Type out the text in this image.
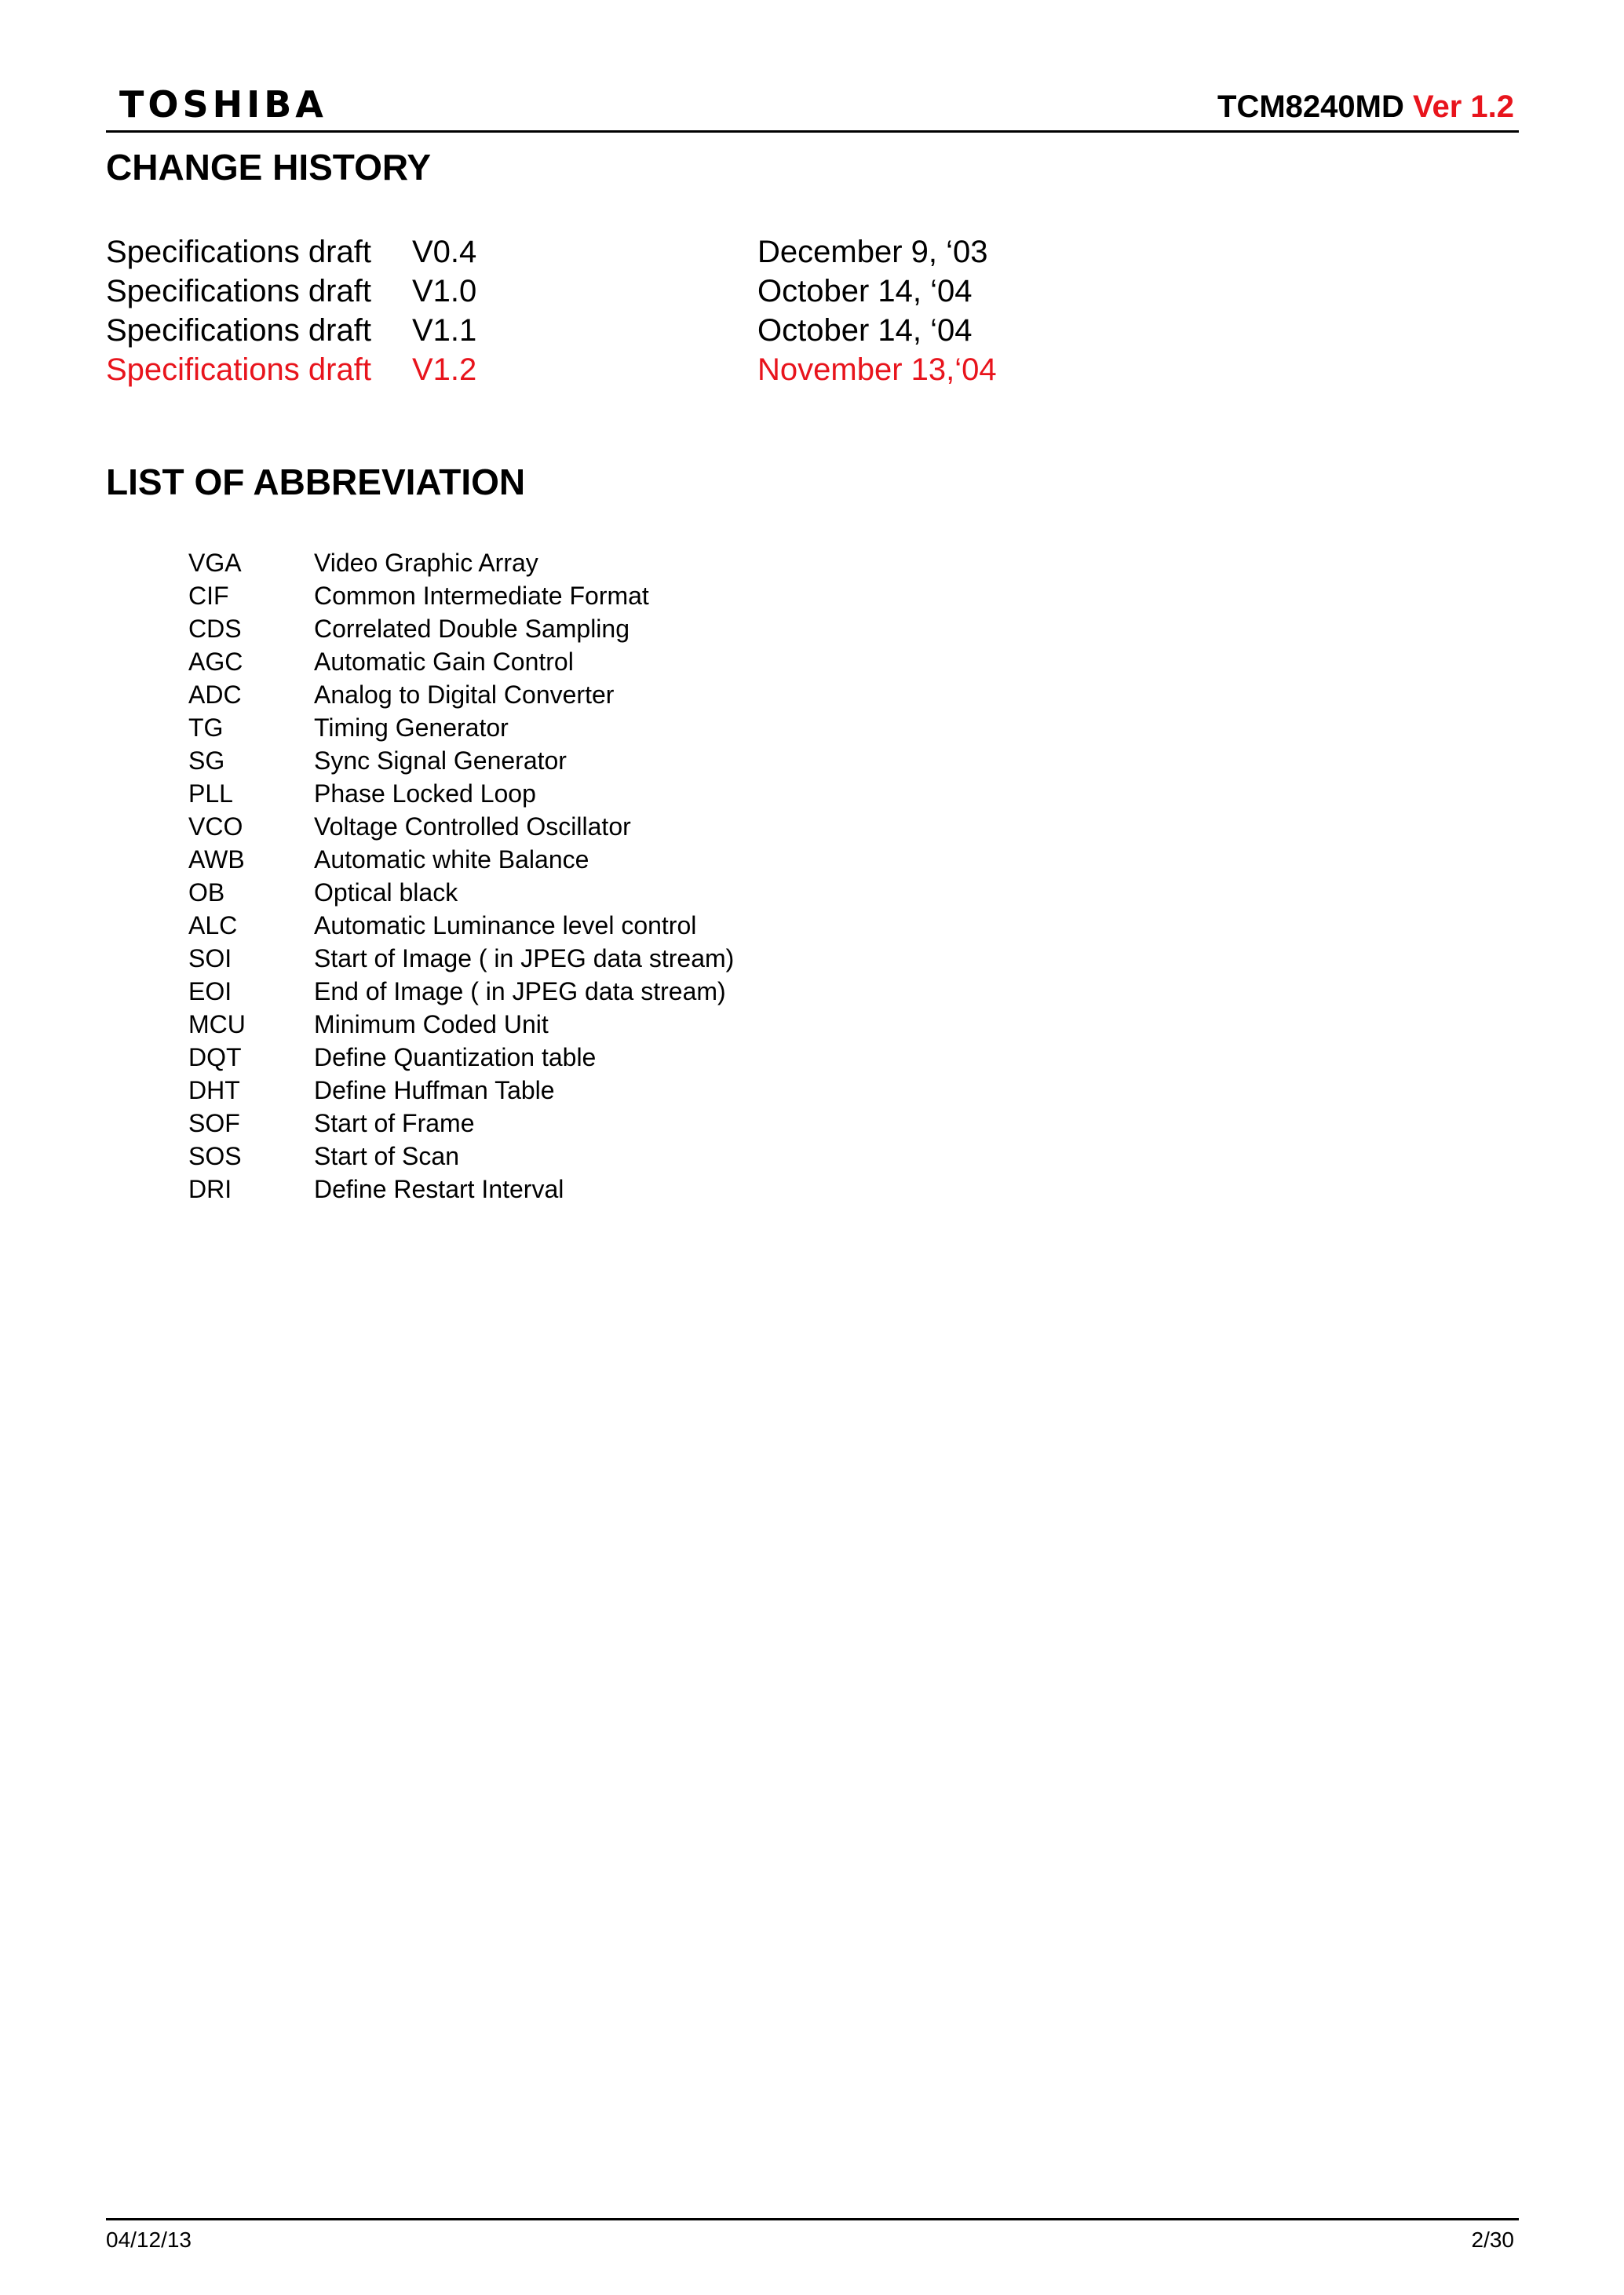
TOSHIBA	TCM8240MD Ver 1.2
CHANGE HISTORY
Specifications draft V0.4	December 9, ‘03
Specifications draft V1.0	October 14, ‘04
Specifications draft V1.1	October 14, ‘04
Specifications draft V1.2	November 13,‘04
LIST OF ABBREVIATION
VGA	Video Graphic Array
CIF	Common Intermediate Format
CDS	Correlated Double Sampling
AGC	Automatic Gain Control
ADC	Analog to Digital Converter
TG	Timing Generator
SG	Sync Signal Generator
PLL	Phase Locked Loop
VCO	Voltage Controlled Oscillator
AWB	Automatic white Balance
OB	Optical black
ALC	Automatic Luminance level control
SOI	Start of Image ( in JPEG data stream)
EOI	End of Image ( in JPEG data stream)
MCU	Minimum Coded Unit
DQT	Define Quantization table
DHT	Define Huffman Table
SOF	Start of Frame
SOS	Start of Scan
DRI	Define Restart Interval
04/12/13	2/30
